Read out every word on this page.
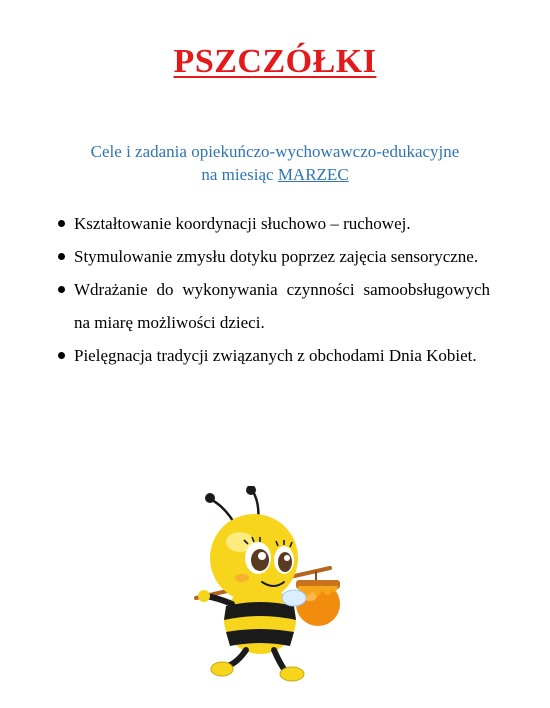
PSZCZÓŁKI
Cele i zadania opiekuńczo-wychowawczo-edukacyjne
na miesiąc MARZEC
Kształtowanie koordynacji słuchowo – ruchowej.
Stymulowanie zmysłu dotyku poprzez zajęcia sensoryczne.
Wdrażanie do wykonywania czynności samoobsługowych na miarę możliwości dzieci.
Pielęgnacja tradycji związanych z obchodami Dnia Kobiet.
